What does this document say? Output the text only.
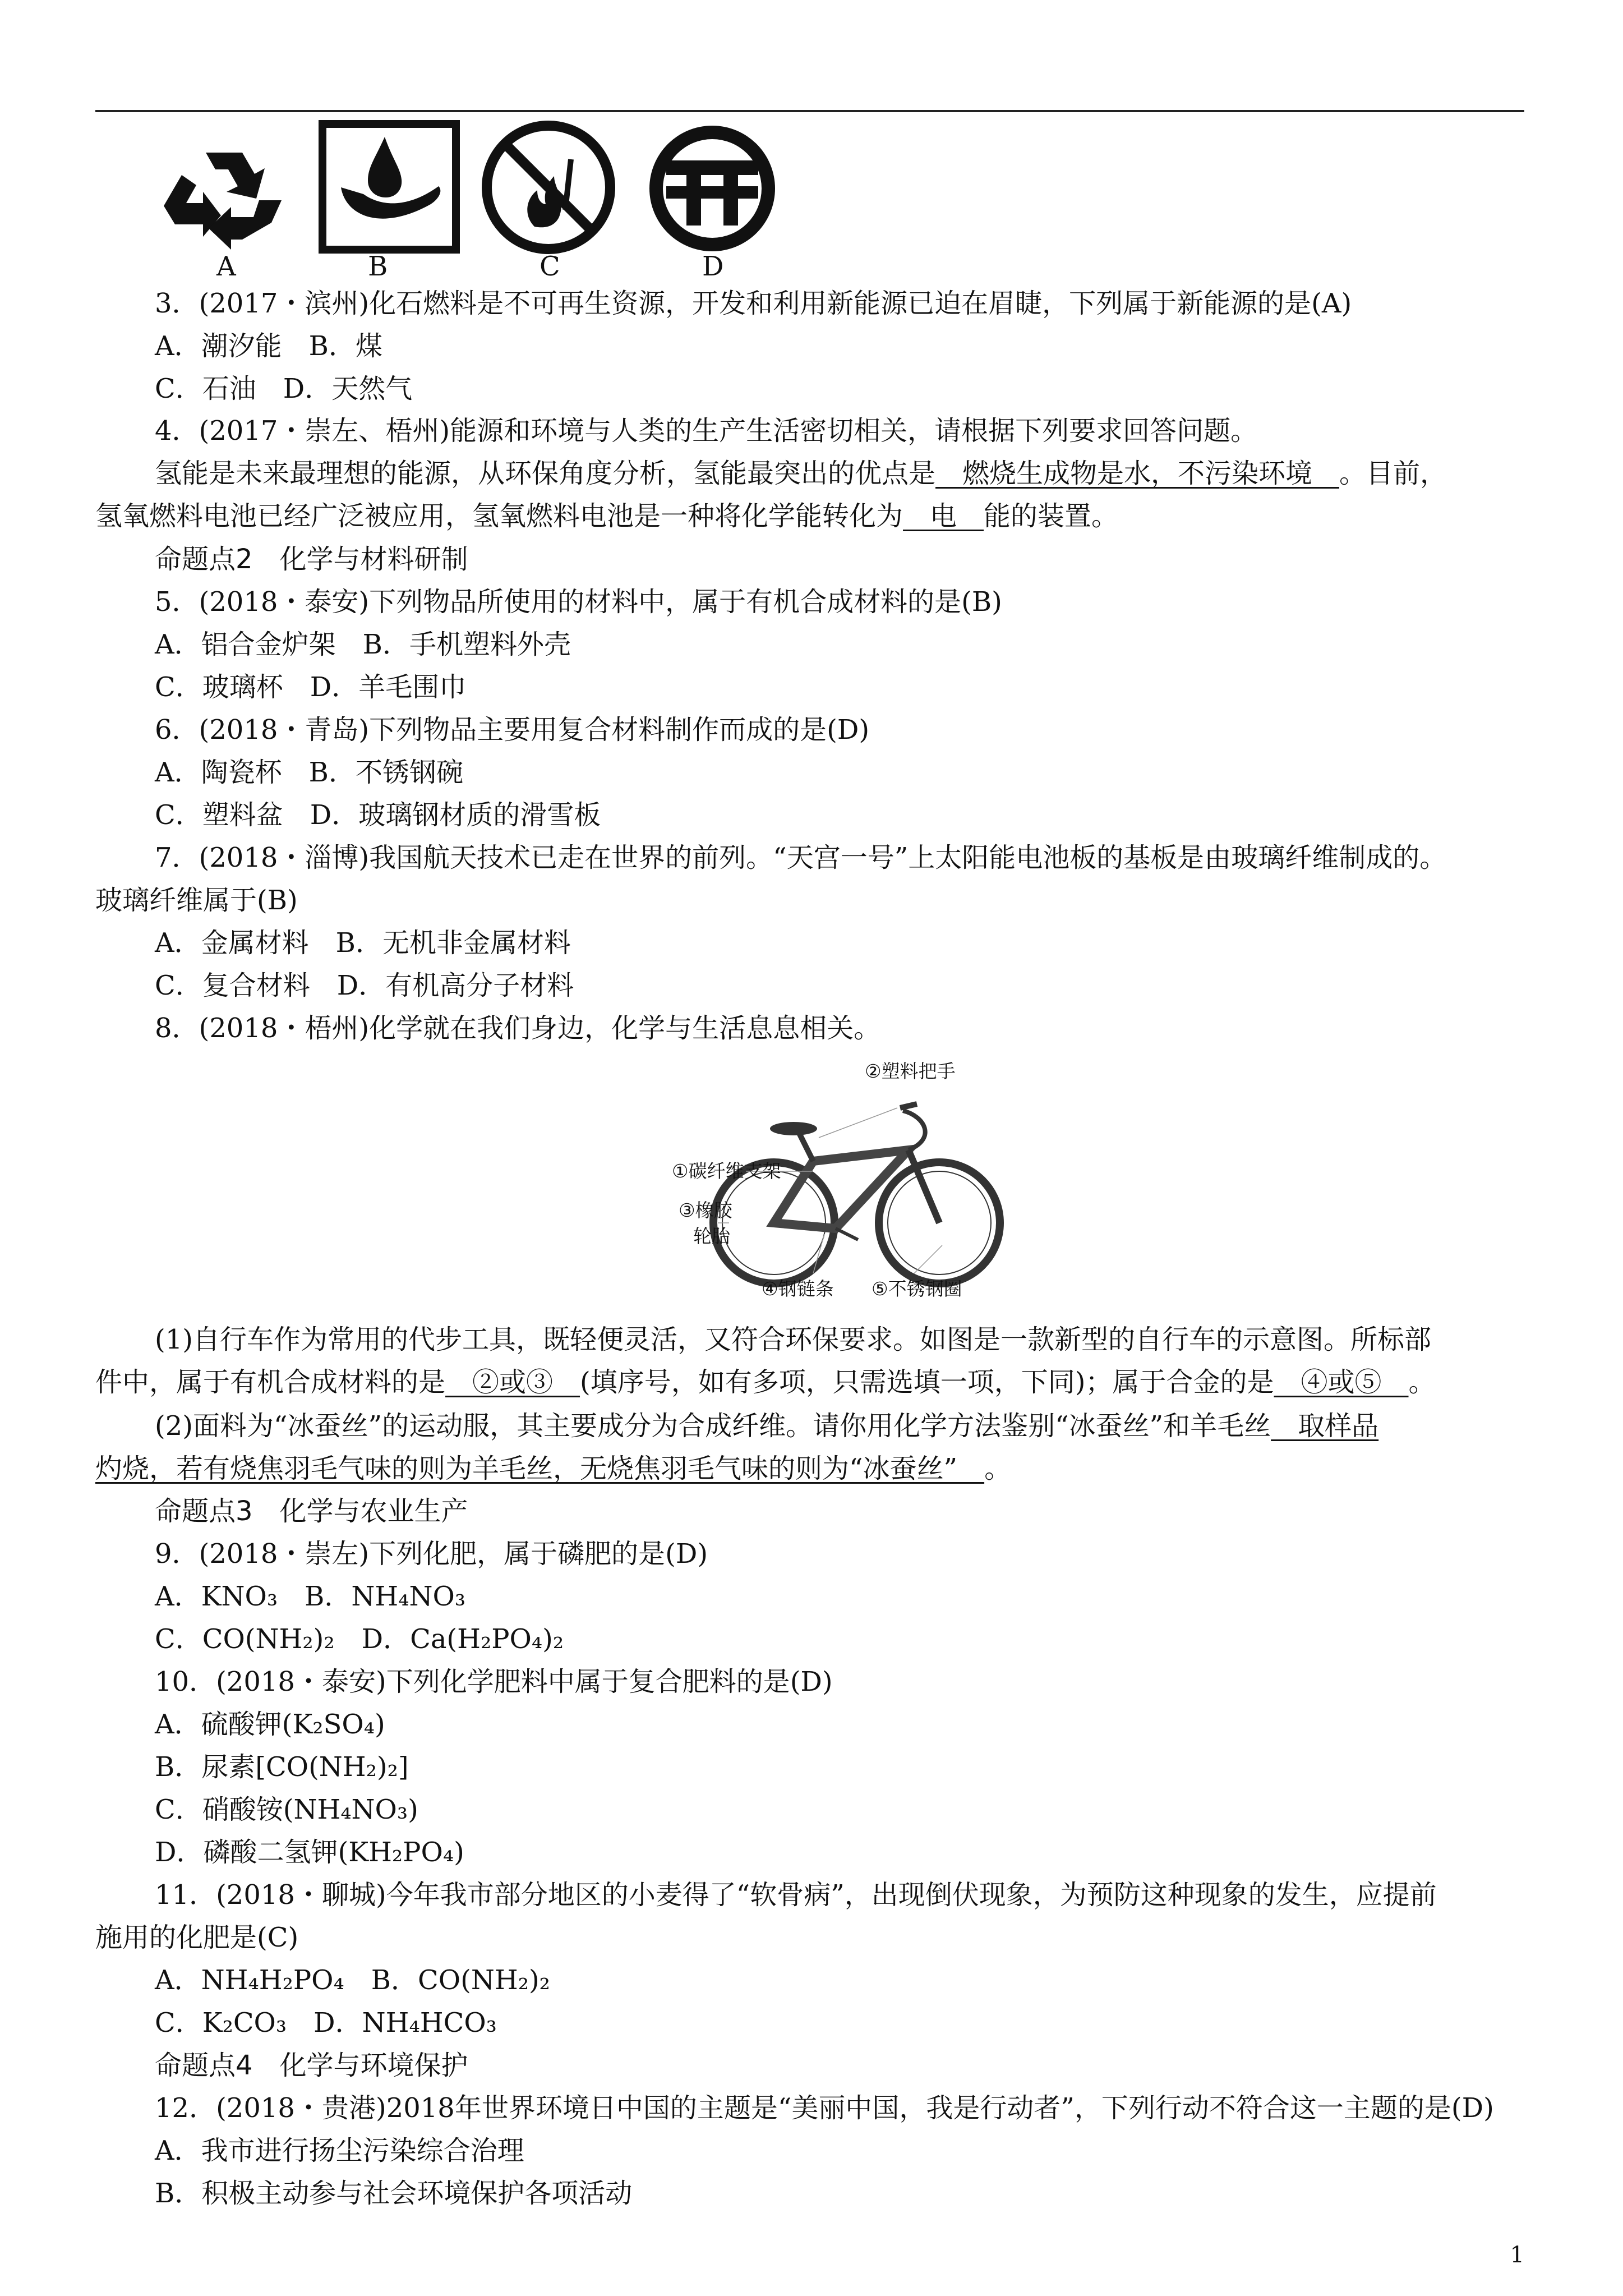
A	B	C	D
3．(2017・滨州)化石燃料是不可再生资源，开发和利用新能源已迫在眉睫，下列属于新能源的是(A)
A．潮汐能　B．煤
C．石油　D．天然气
4．(2017・崇左、梧州)能源和环境与人类的生产生活密切相关，请根据下列要求回答问题。
氢能是未来最理想的能源，从环保角度分析，氢能最突出的优点是　燃烧生成物是水，不污染环境　。目前，
氢氧燃料电池已经广泛被应用，氢氧燃料电池是一种将化学能转化为　电　能的装置。
命题点2　化学与材料研制
5．(2018・泰安)下列物品所使用的材料中，属于有机合成材料的是(B)
A．铝合金炉架　B．手机塑料外壳
C．玻璃杯　D．羊毛围巾
6．(2018・青岛)下列物品主要用复合材料制作而成的是(D)
A．陶瓷杯　B．不锈钢碗
C．塑料盆　D．玻璃钢材质的滑雪板
7．(2018・淄博)我国航天技术已走在世界的前列。“天宫一号”上太阳能电池板的基板是由玻璃纤维制成的。
玻璃纤维属于(B)
A．金属材料　B．无机非金属材料
C．复合材料　D．有机高分子材料
8．(2018・梧州)化学就在我们身边，化学与生活息息相关。
②塑料把手
①碳纤维支架
③橡胶
轮胎
④钢链条 ⑤不锈钢圈
(1)自行车作为常用的代步工具，既轻便灵活，又符合环保要求。如图是一款新型的自行车的示意图。所标部
件中，属于有机合成材料的是　②或③　(填序号，如有多项，只需选填一项，下同)；属于合金的是　④或⑤　。
(2)面料为“冰蚕丝”的运动服，其主要成分为合成纤维。请你用化学方法鉴别“冰蚕丝”和羊毛丝　取样品
灼烧，若有烧焦羽毛气味的则为羊毛丝，无烧焦羽毛气味的则为“冰蚕丝”　。
命题点3　化学与农业生产
9．(2018・崇左)下列化肥，属于磷肥的是(D)
A．KNO₃　B．NH₄NO₃
C．CO(NH₂)₂　D．Ca(H₂PO₄)₂
10．(2018・泰安)下列化学肥料中属于复合肥料的是(D)
A．硫酸钾(K₂SO₄)
B．尿素[CO(NH₂)₂]
C．硝酸铵(NH₄NO₃)
D．磷酸二氢钾(KH₂PO₄)
11．(2018・聊城)今年我市部分地区的小麦得了“软骨病”，出现倒伏现象，为预防这种现象的发生，应提前
施用的化肥是(C)
A．NH₄H₂PO₄　B．CO(NH₂)₂
C．K₂CO₃　D．NH₄HCO₃
命题点4　化学与环境保护
12．(2018・贵港)2018年世界环境日中国的主题是“美丽中国，我是行动者”，下列行动不符合这一主题的是(D)
A．我市进行扬尘污染综合治理
B．积极主动参与社会环境保护各项活动
1
